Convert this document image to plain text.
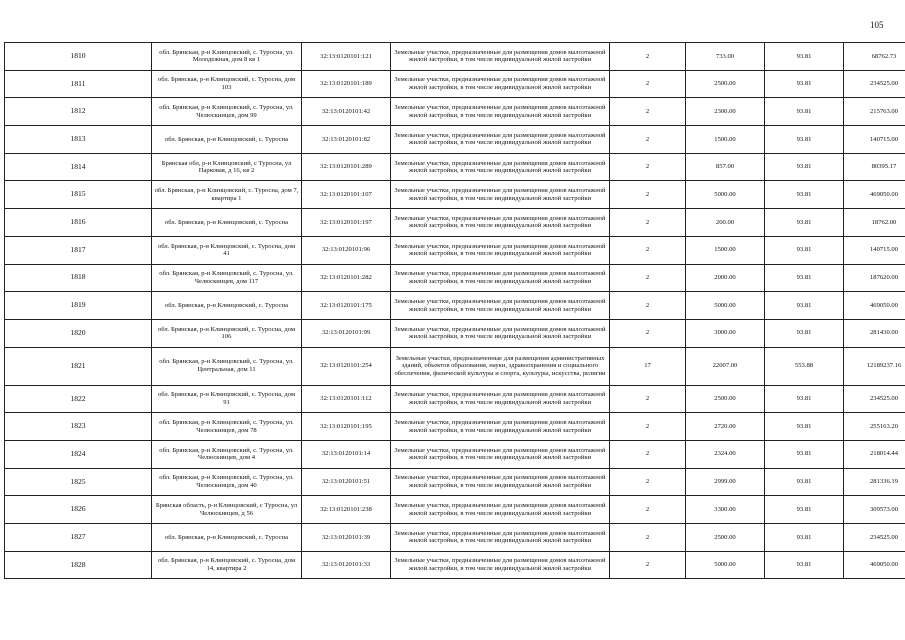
105
1810	обл. Брянская, р-н Клинцовский, с. Туросна, ул. Молодежная, дом 8 кв 1	32:13:0120101:121	Земельные участки, предназначенные для размещения домов малоэтажной жилой застройки, в том числе индивидуальной жилой застройки	2	733.00	93.81	68762.73
1811	обл. Брянская, р-н Клинцовский, с. Туросна, дом 103	32:13:0120101:189	Земельные участки, предназначенные для размещения домов малоэтажной жилой застройки, в том числе индивидуальной жилой застройки	2	2500.00	93.81	234525.00
1812	обл. Брянская, р-н Клинцовский, с. Туросна, ул. Челюскинцев, дом 99	32:13:0120101:42	Земельные участки, предназначенные для размещения домов малоэтажной жилой застройки, в том числе индивидуальной жилой застройки	2	2300.00	93.81	215763.00
1813	обл. Брянская, р-н Клинцовский, с. Туросна	32:13:0120101:82	Земельные участки, предназначенные для размещения домов малоэтажной жилой застройки, в том числе индивидуальной жилой застройки	2	1500.00	93.81	140715.00
1814	Брянская обл, р-н Клинцовский, с Туросна, ул Парковая, д 16, кв 2	32:13:0120101:289	Земельные участки, предназначенные для размещения домов малоэтажной жилой застройки, в том числе индивидуальной жилой застройки	2	857.00	93.81	80395.17
1815	обл. Брянская, р-н Клинцовский, с. Туросна, дом 7, квартира 1	32:13:0120101:107	Земельные участки, предназначенные для размещения домов малоэтажной жилой застройки, в том числе индивидуальной жилой застройки	2	5000.00	93.81	469050.00
1816	обл. Брянская, р-н Клинцовский, с. Туросна	32:13:0120101:197	Земельные участки, предназначенные для размещения домов малоэтажной жилой застройки, в том числе индивидуальной жилой застройки	2	200.00	93.81	18762.00
1817	обл. Брянская, р-н Клинцовский, с. Туросна, дом 41	32:13:0120101:96	Земельные участки, предназначенные для размещения домов малоэтажной жилой застройки, в том числе индивидуальной жилой застройки	2	1500.00	93.81	140715.00
1818	обл. Брянская, р-н Клинцовский, с. Туросна, ул. Челюскинцев, дом 117	32:13:0120101:282	Земельные участки, предназначенные для размещения домов малоэтажной жилой застройки, в том числе индивидуальной жилой застройки	2	2000.00	93.81	187620.00
1819	обл. Брянская, р-н Клинцовский, с. Туросна	32:13:0120101:175	Земельные участки, предназначенные для размещения домов малоэтажной жилой застройки, в том числе индивидуальной жилой застройки	2	5000.00	93.81	469050.00
1820	обл. Брянская, р-н Клинцовский, с. Туросна, дом 106	32:13:0120101:99	Земельные участки, предназначенные для размещения домов малоэтажной жилой застройки, в том числе индивидуальной жилой застройки	2	3000.00	93.81	281430.00
1821	обл. Брянская, р-н Клинцовский, с. Туросна, ул. Центральная, дом 11	32:13:0120101:254	Земельные участки, предназначенные для размещения административных зданий, объектов образования, науки, здравоохранения и социального обеспечения, физической культуры и спорта, культуры, искусства, религии	17	22007.00	553.88	12189237.16
1822	обл. Брянская, р-н Клинцовский, с. Туросна, дом 91	32:13:0120101:112	Земельные участки, предназначенные для размещения домов малоэтажной жилой застройки, в том числе индивидуальной жилой застройки	2	2500.00	93.81	234525.00
1823	обл. Брянская, р-н Клинцовский, с. Туросна, ул. Челюскинцев, дом 78	32:13:0120101:195	Земельные участки, предназначенные для размещения домов малоэтажной жилой застройки, в том числе индивидуальной жилой застройки	2	2720.00	93.81	255163.20
1824	обл. Брянская, р-н Клинцовский, с. Туросна, ул. Челюскинцев, дом 4	32:13:0120101:14	Земельные участки, предназначенные для размещения домов малоэтажной жилой застройки, в том числе индивидуальной жилой застройки	2	2324.00	93.81	218014.44
1825	обл. Брянская, р-н Клинцовский, с. Туросна, ул. Челюскинцев, дом 40	32:13:0120101:51	Земельные участки, предназначенные для размещения домов малоэтажной жилой застройки, в том числе индивидуальной жилой застройки	2	2999.00	93.81	281336.19
1826	Брянская область, р-н Клинцовский, с Туросна, ул Челюскинцев, д 56	32:13:0120101:238	Земельные участки, предназначенные для размещения домов малоэтажной жилой застройки, в том числе индивидуальной жилой застройки	2	3300.00	93.81	309573.00
1827	обл. Брянская, р-н Клинцовский, с. Туросна	32:13:0120101:39	Земельные участки, предназначенные для размещения домов малоэтажной жилой застройки, в том числе индивидуальной жилой застройки	2	2500.00	93.81	234525.00
1828	обл. Брянская, р-н Клинцовский, с. Туросна, дом 14, квартира 2	32:13:0120101:33	Земельные участки, предназначенные для размещения домов малоэтажной жилой застройки, в том числе индивидуальной жилой застройки	2	5000.00	93.81	469050.00
